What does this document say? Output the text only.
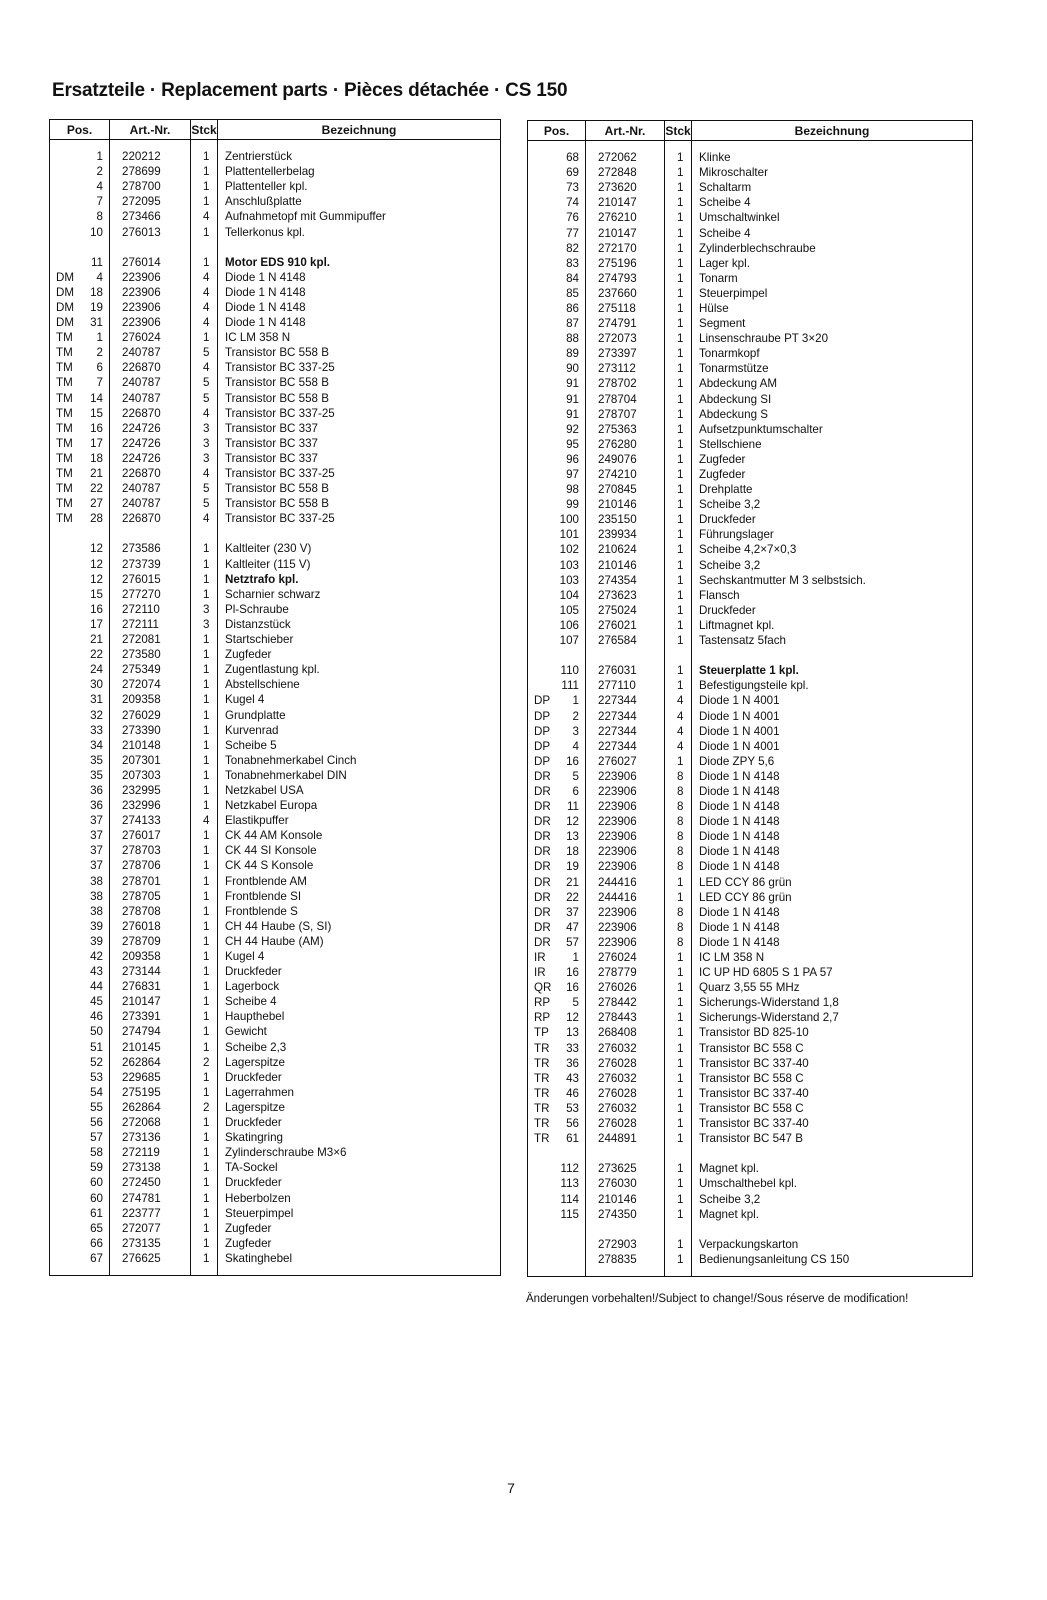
Ersatzteile · Replacement parts · Pièces détachée · CS 150
Pos.		Art.-Nr.	Stck	Bezeichnung
	1	220212	1	Zentrierstück
	2	278699	1	Plattentellerbelag
	4	278700	1	Plattenteller kpl.
	7	272095	1	Anschlußplatte
	8	273466	4	Aufnahmetopf mit Gummipuffer
	10	276013	1	Tellerkonus kpl.

	11	276014	1	Motor EDS 910 kpl.
DM	4	223906	4	Diode 1 N 4148
DM	18	223906	4	Diode 1 N 4148
DM	19	223906	4	Diode 1 N 4148
DM	31	223906	4	Diode 1 N 4148
TM	1	276024	1	IC LM 358 N
TM	2	240787	5	Transistor BC 558 B
TM	6	226870	4	Transistor BC 337-25
TM	7	240787	5	Transistor BC 558 B
TM	14	240787	5	Transistor BC 558 B
TM	15	226870	4	Transistor BC 337-25
TM	16	224726	3	Transistor BC 337
TM	17	224726	3	Transistor BC 337
TM	18	224726	3	Transistor BC 337
TM	21	226870	4	Transistor BC 337-25
TM	22	240787	5	Transistor BC 558 B
TM	27	240787	5	Transistor BC 558 B
TM	28	226870	4	Transistor BC 337-25

	12	273586	1	Kaltleiter (230 V)
	12	273739	1	Kaltleiter (115 V)
	12	276015	1	Netztrafo kpl.
	15	277270	1	Scharnier schwarz
	16	272110	3	Pl-Schraube
	17	272111	3	Distanzstück
	21	272081	1	Startschieber
	22	273580	1	Zugfeder
	24	275349	1	Zugentlastung kpl.
	30	272074	1	Abstellschiene
	31	209358	1	Kugel 4
	32	276029	1	Grundplatte
	33	273390	1	Kurvenrad
	34	210148	1	Scheibe 5
	35	207301	1	Tonabnehmerkabel Cinch
	35	207303	1	Tonabnehmerkabel DIN
	36	232995	1	Netzkabel USA
	36	232996	1	Netzkabel Europa
	37	274133	4	Elastikpuffer
	37	276017	1	CK 44 AM Konsole
	37	278703	1	CK 44 SI Konsole
	37	278706	1	CK 44 S Konsole
	38	278701	1	Frontblende AM
	38	278705	1	Frontblende SI
	38	278708	1	Frontblende S
	39	276018	1	CH 44 Haube (S, SI)
	39	278709	1	CH 44 Haube (AM)
	42	209358	1	Kugel 4
	43	273144	1	Druckfeder
	44	276831	1	Lagerbock
	45	210147	1	Scheibe 4
	46	273391	1	Haupthebel
	50	274794	1	Gewicht
	51	210145	1	Scheibe 2,3
	52	262864	2	Lagerspitze
	53	229685	1	Druckfeder
	54	275195	1	Lagerrahmen
	55	262864	2	Lagerspitze
	56	272068	1	Druckfeder
	57	273136	1	Skatingring
	58	272119	1	Zylinderschraube M3×6
	59	273138	1	TA-Sockel
	60	272450	1	Druckfeder
	60	274781	1	Heberbolzen
	61	223777	1	Steuerpimpel
	65	272077	1	Zugfeder
	66	273135	1	Zugfeder
	67	276625	1	Skatinghebel
Pos.		Art.-Nr.	Stck	Bezeichnung
	68	272062	1	Klinke
	69	272848	1	Mikroschalter
	73	273620	1	Schaltarm
	74	210147	1	Scheibe 4
	76	276210	1	Umschaltwinkel
	77	210147	1	Scheibe 4
	82	272170	1	Zylinderblechschraube
	83	275196	1	Lager kpl.
	84	274793	1	Tonarm
	85	237660	1	Steuerpimpel
	86	275118	1	Hülse
	87	274791	1	Segment
	88	272073	1	Linsenschraube PT 3×20
	89	273397	1	Tonarmkopf
	90	273112	1	Tonarmstütze
	91	278702	1	Abdeckung AM
	91	278704	1	Abdeckung SI
	91	278707	1	Abdeckung S
	92	275363	1	Aufsetzpunktumschalter
	95	276280	1	Stellschiene
	96	249076	1	Zugfeder
	97	274210	1	Zugfeder
	98	270845	1	Drehplatte
	99	210146	1	Scheibe 3,2
	100	235150	1	Druckfeder
	101	239934	1	Führungslager
	102	210624	1	Scheibe 4,2×7×0,3
	103	210146	1	Scheibe 3,2
	103	274354	1	Sechskantmutter M 3 selbstsich.
	104	273623	1	Flansch
	105	275024	1	Druckfeder
	106	276021	1	Liftmagnet kpl.
	107	276584	1	Tastensatz 5fach

	110	276031	1	Steuerplatte 1 kpl.
	111	277110	1	Befestigungsteile kpl.
DP	1	227344	4	Diode 1 N 4001
DP	2	227344	4	Diode 1 N 4001
DP	3	227344	4	Diode 1 N 4001
DP	4	227344	4	Diode 1 N 4001
DP	16	276027	1	Diode ZPY 5,6
DR	5	223906	8	Diode 1 N 4148
DR	6	223906	8	Diode 1 N 4148
DR	11	223906	8	Diode 1 N 4148
DR	12	223906	8	Diode 1 N 4148
DR	13	223906	8	Diode 1 N 4148
DR	18	223906	8	Diode 1 N 4148
DR	19	223906	8	Diode 1 N 4148
DR	21	244416	1	LED CCY 86 grün
DR	22	244416	1	LED CCY 86 grün
DR	37	223906	8	Diode 1 N 4148
DR	47	223906	8	Diode 1 N 4148
DR	57	223906	8	Diode 1 N 4148
IR	1	276024	1	IC LM 358 N
IR	16	278779	1	IC UP HD 6805 S 1 PA 57
QR	16	276026	1	Quarz 3,55 55 MHz
RP	5	278442	1	Sicherungs-Widerstand 1,8
RP	12	278443	1	Sicherungs-Widerstand 2,7
TP	13	268408	1	Transistor BD 825-10
TR	33	276032	1	Transistor BC 558 C
TR	36	276028	1	Transistor BC 337-40
TR	43	276032	1	Transistor BC 558 C
TR	46	276028	1	Transistor BC 337-40
TR	53	276032	1	Transistor BC 558 C
TR	56	276028	1	Transistor BC 337-40
TR	61	244891	1	Transistor BC 547 B

	112	273625	1	Magnet kpl.
	113	276030	1	Umschalthebel kpl.
	114	210146	1	Scheibe 3,2
	115	274350	1	Magnet kpl.

		272903	1	Verpackungskarton
		278835	1	Bedienungsanleitung CS 150
Änderungen vorbehalten!/Subject to change!/Sous réserve de modification!
7
